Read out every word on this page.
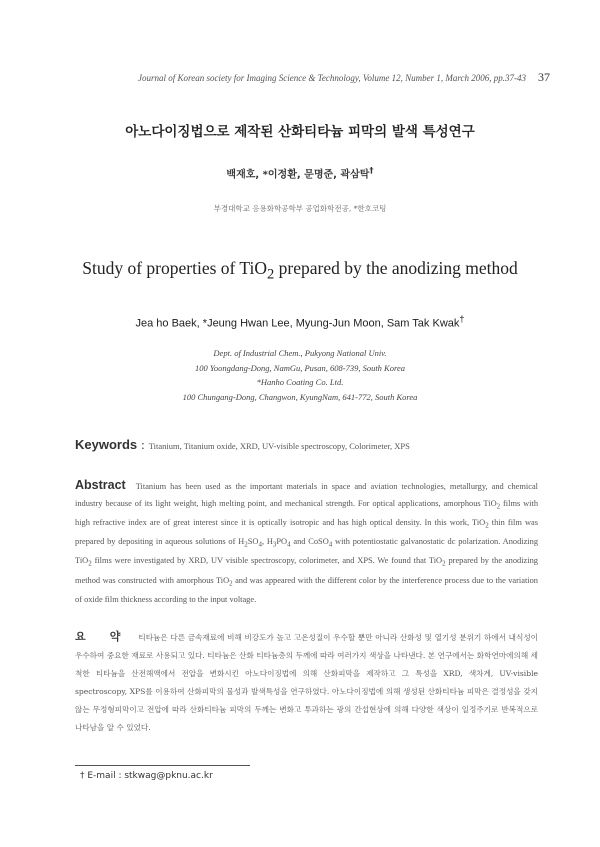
Journal of Korean society for Imaging Science & Technology, Volume 12, Number 1, March 2006, pp.37-43 37
아노다이징법으로 제작된 산화티타늄 피막의 발색 특성연구
백재호, *이정환, 문명준, 곽삼탁†
부경대학교 응용화학공학부 공업화학전공, *한호코팅
Study of properties of TiO$_2$ prepared by the anodizing method
Jea ho Baek, *Jeung Hwan Lee, Myung-Jun Moon, Sam Tak Kwak†
Dept. of Industrial Chem., Pukyong National Univ.
100 Yoongdang-Dong, NamGu, Pusan, 608-739, South Korea
*Hanho Coating Co. Ltd.
100 Chungang-Dong, Changwon, KyungNam, 641-772, South Korea
Keywords : Titanium, Titanium oxide, XRD, UV-visible spectroscopy, Colorimeter, XPS
Abstract Titanium has been used as the important materials in space and aviation technologies, metallurgy, and chemical industry because of its light weight, high melting point, and mechanical strength. For optical applications, amorphous TiO$_2$ films with high refractive index are of great interest since it is optically isotropic and has high optical density. In this work, TiO$_2$ thin film was prepared by depositing in aqueous solutions of $H_2SO_4$, $H_3PO_4$ and CoSO$_4$ with potentiostatic galvanostatic dc polarization. Anodizing TiO$_2$ films were investigated by XRD, UV visible spectroscopy, colorimeter, and XPS. We found that TiO$_2$ prepared by the anodizing method was constructed with amorphous TiO$_2$ and was appeared with the different color by the interference process due to the variation of oxide film thickness according to the input voltage.
요 약 티타늄은 다른 금속재료에 비해 비강도가 높고 고온성질이 우수할 뿐만 아니라 산화성 및 열기성 분위기 하에서 내식성이 우수하여 중요한 재료로 사용되고 있다. 티타늄은 산화 티타늄층의 두께에 따라 여러가지 색상을 나타낸다. 본 연구에서는 화학연마에의해 세척한 티타늄을 산전해액에서 전압을 변화시킨 아노다이징법에 의해 산화피막을 제작하고 그 특성을 XRD, 색차계, UV-visible spectroscopy, XPS를 이용하여 산화피막의 물성과 발색특성을 연구하였다. 아노다이징법에 의해 생성된 산화티타늄 피막은 결정성을 갖지 않는 무정형피막이고 전압에 따라 산화티타늄 피막의 두께는 변화고 투과하는 광의 간섭현상에 의해 다양한 색상이 일정주기로 반복적으로 나타남을 알 수 있었다.
† E-mail : stkwag@pknu.ac.kr
